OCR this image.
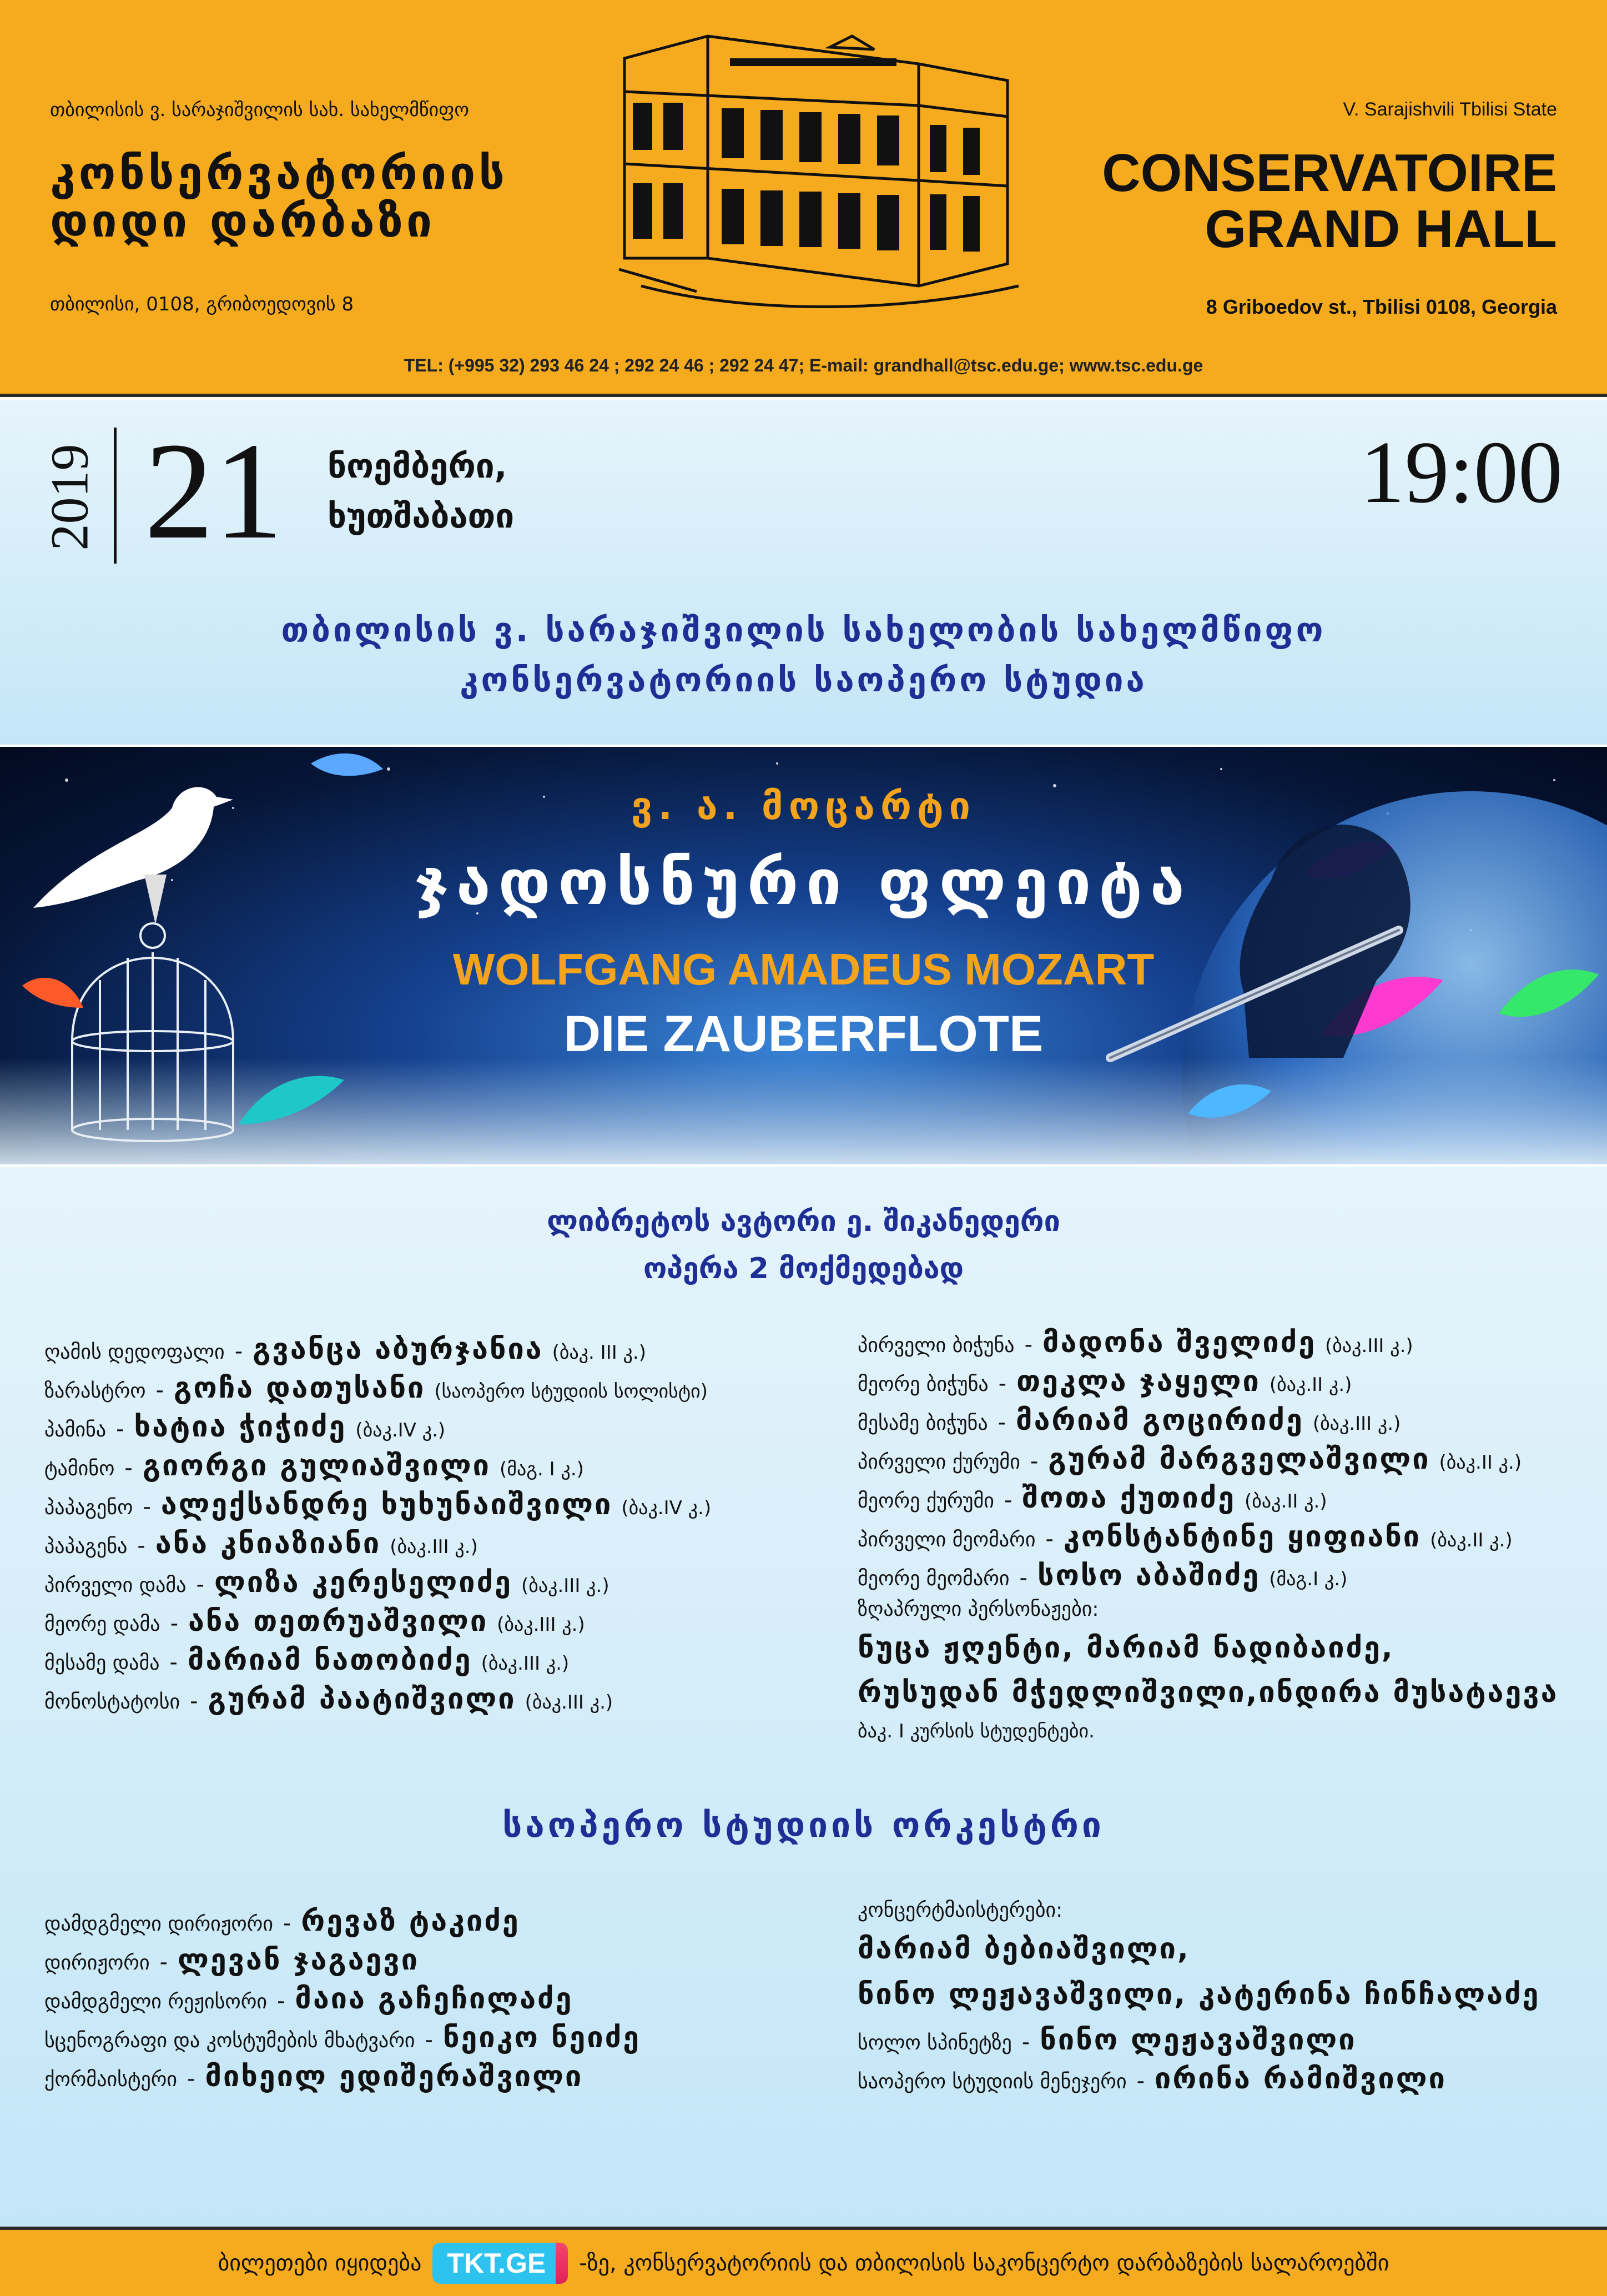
თბილისის ვ. სარაჯიშვილის სახ. სახელმწიფო
კონსერვატორიის
დიდი დარბაზი
თბილისი, 0108, გრიბოედოვის 8
V. Sarajishvili Tbilisi State
CONSERVATOIRE
GRAND HALL
8 Griboedov st., Tbilisi 0108, Georgia
TEL: (+995 32) 293 46 24 ; 292 24 46 ; 292 24 47; E-mail: grandhall@tsc.edu.ge; www.tsc.edu.ge
2019 21 ნოემბერი,
ხუთშაბათი	19:00
თბილისის ვ. სარაჯიშვილის სახელობის სახელმწიფო
კონსერვატორიის საოპერო სტუდია
ვ. ა. მოცარტი
ჯადოსნური ფლეიტა
WOLFGANG AMADEUS MOZART
DIE ZAUBERFLOTE
ლიბრეტოს ავტორი ე. შიკანედერი
ოპერა 2 მოქმედებად
ღამის დედოფალი - გვანცა აბურჯანია (ბაკ. III კ.)
ზარასტრო - გოჩა დათუსანი (საოპერო სტუდიის სოლისტი)
პამინა - ხატია ჭიჭიძე (ბაკ.IV კ.)
ტამინო - გიორგი გულიაშვილი (მაგ. I კ.)
პაპაგენო - ალექსანდრე ხუხუნაიშვილი (ბაკ.IV კ.)
პაპაგენა - ანა კნიაზიანი (ბაკ.III კ.)
პირველი დამა - ლიზა კერესელიძე (ბაკ.III კ.)
მეორე დამა - ანა თეთრუაშვილი (ბაკ.III კ.)
მესამე დამა - მარიამ ნათობიძე (ბაკ.III კ.)
მონოსტატოსი - გურამ პაატიშვილი (ბაკ.III კ.)
პირველი ბიჭუნა - მადონა შველიძე (ბაკ.III კ.)
მეორე ბიჭუნა - თეკლა ჯაყელი (ბაკ.II კ.)
მესამე ბიჭუნა - მარიამ გოცირიძე (ბაკ.III კ.)
პირველი ქურუმი - გურამ მარგველაშვილი (ბაკ.II კ.)
მეორე ქურუმი - შოთა ქუთიძე (ბაკ.II კ.)
პირველი მეომარი - კონსტანტინე ყიფიანი (ბაკ.II კ.)
მეორე მეომარი - სოსო აბაშიძე (მაგ.I კ.)
ზღაპრული პერსონაჟები:
ნუცა ჟღენტი, მარიამ ნადიბაიძე,
რუსუდან მჭედლიშვილი,ინდირა მუსატაევა
ბაკ. I კურსის სტუდენტები.
საოპერო სტუდიის ორკესტრი
დამდგმელი დირიჟორი - რევაზ ტაკიძე
დირიჟორი - ლევან ჯაგაევი
დამდგმელი რეჟისორი - მაია გაჩეჩილაძე
სცენოგრაფი და კოსტუმების მხატვარი - ნეიკო ნეიძე
ქორმაისტერი - მიხეილ ედიშერაშვილი
კონცერტმაისტერები:
მარიამ ბებიაშვილი,
ნინო ლეჟავაშვილი, კატერინა ჩინჩალაძე
სოლო სპინეტზე - ნინო ლეჟავაშვილი
საოპერო სტუდიის მენეჯერი - ირინა რამიშვილი
ბილეთები იყიდება TKT.GE -ზე, კონსერვატორიის და თბილისის საკონცერტო დარბაზების სალაროებში
